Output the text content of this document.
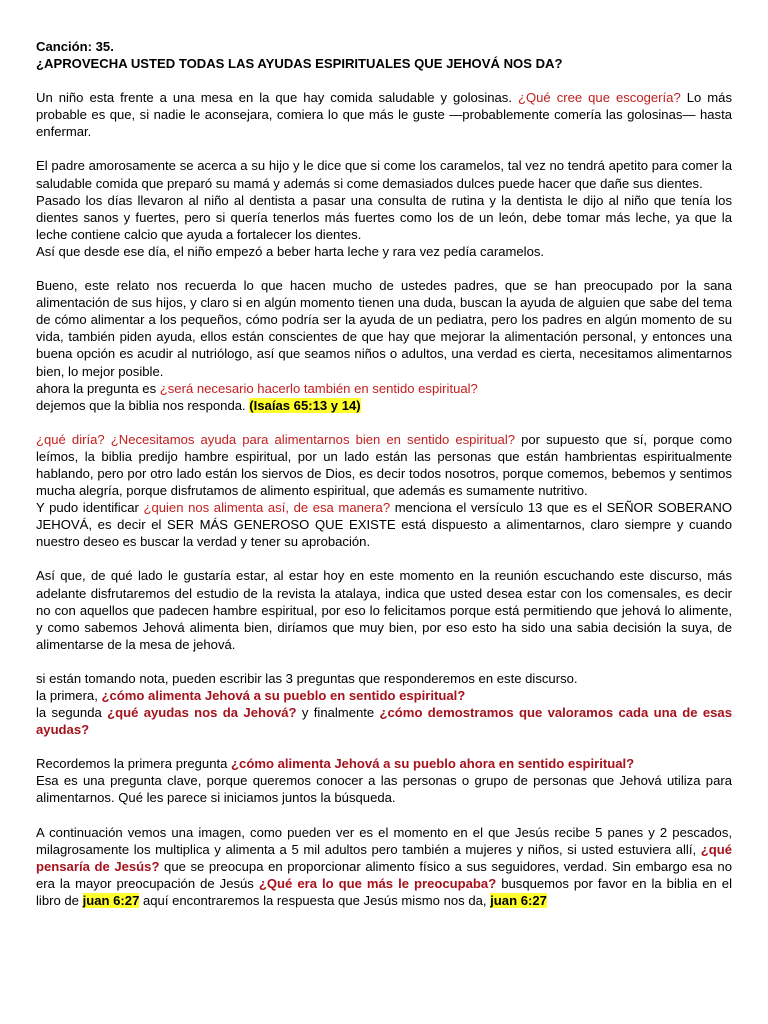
Canción: 35.

¿APROVECHA USTED TODAS LAS AYUDAS ESPIRITUALES QUE JEHOVÁ NOS DA?

Un niño esta frente a una mesa en la que hay comida saludable y golosinas. ¿Qué cree que escogería? Lo más probable es que, si nadie le aconsejara, comiera lo que más le guste —probablemente comería las golosinas— hasta enfermar.

El padre amorosamente se acerca a su hijo y le dice que si come los caramelos, tal vez no tendrá apetito para comer la saludable comida que preparó su mamá y además si come demasiados dulces puede hacer que dañe sus dientes.

Pasado los días llevaron al niño al dentista a pasar una consulta de rutina y la dentista le dijo al niño que tenía los dientes sanos y fuertes, pero si quería tenerlos más fuertes como los de un león, debe tomar más leche, ya que la leche contiene calcio que ayuda a fortalecer los dientes.

Así que desde ese día, el niño empezó a beber harta leche y rara vez pedía caramelos.

Bueno, este relato nos recuerda lo que hacen mucho de ustedes padres, que se han preocupado por la sana alimentación de sus hijos, y claro si en algún momento tienen una duda, buscan la ayuda de alguien que sabe del tema de cómo alimentar a los pequeños, cómo podría ser la ayuda de un pediatra, pero los padres en algún momento de su vida, también piden ayuda, ellos están conscientes de que hay que mejorar la alimentación personal, y entonces una buena opción es acudir al nutriólogo, así que seamos niños o adultos, una verdad es cierta, necesitamos alimentarnos bien, lo mejor posible.

ahora la pregunta es ¿será necesario hacerlo también en sentido espiritual?

dejemos que la biblia nos responda. (Isaías 65:13 y 14)

¿qué diría? ¿Necesitamos ayuda para alimentarnos bien en sentido espiritual? por supuesto que sí, porque como leímos, la biblia predijo hambre espiritual, por un lado están las personas que están hambrientas espiritualmente hablando, pero por otro lado están los siervos de Dios, es decir todos nosotros, porque comemos, bebemos y sentimos mucha alegría, porque disfrutamos de alimento espiritual, que además es sumamente nutritivo.

Y pudo identificar ¿quien nos alimenta así, de esa manera? menciona el versículo 13 que es el SEÑOR SOBERANO JEHOVÁ, es decir el SER MÁS GENEROSO QUE EXISTE está dispuesto a alimentarnos, claro siempre y cuando nuestro deseo es buscar la verdad y tener su aprobación.

Así que, de qué lado le gustaría estar, al estar hoy en este momento en la reunión escuchando este discurso, más adelante disfrutaremos del estudio de la revista la atalaya, indica que usted desea estar con los comensales, es decir no con aquellos que padecen hambre espiritual, por eso lo felicitamos porque está permitiendo que jehová lo alimente, y como sabemos Jehová alimenta bien, diríamos que muy bien, por eso esto ha sido una sabia decisión la suya, de alimentarse de la mesa de jehová.

si están tomando nota, pueden escribir las 3 preguntas que responderemos en este discurso.

la primera, ¿cómo alimenta Jehová a su pueblo en sentido espiritual?

la segunda ¿qué ayudas nos da Jehová? y finalmente ¿cómo demostramos que valoramos cada una de esas ayudas?

Recordemos la primera pregunta ¿cómo alimenta Jehová a su pueblo ahora en sentido espiritual?

Esa es una pregunta clave, porque queremos conocer a las personas o grupo de personas que Jehová utiliza para alimentarnos. Qué les parece si iniciamos juntos la búsqueda.

A continuación vemos una imagen, como pueden ver es el momento en el que Jesús recibe 5 panes y 2 pescados, milagrosamente los multiplica y alimenta a 5 mil adultos pero también a mujeres y niños, si usted estuviera allí, ¿qué pensaría de Jesús? que se preocupa en proporcionar alimento físico a sus seguidores, verdad. Sin embargo esa no era la mayor preocupación de Jesús ¿Qué era lo que más le preocupaba? busquemos por favor en la biblia en el libro de juan 6:27 aquí encontraremos la respuesta que Jesús mismo nos da, juan 6:27
